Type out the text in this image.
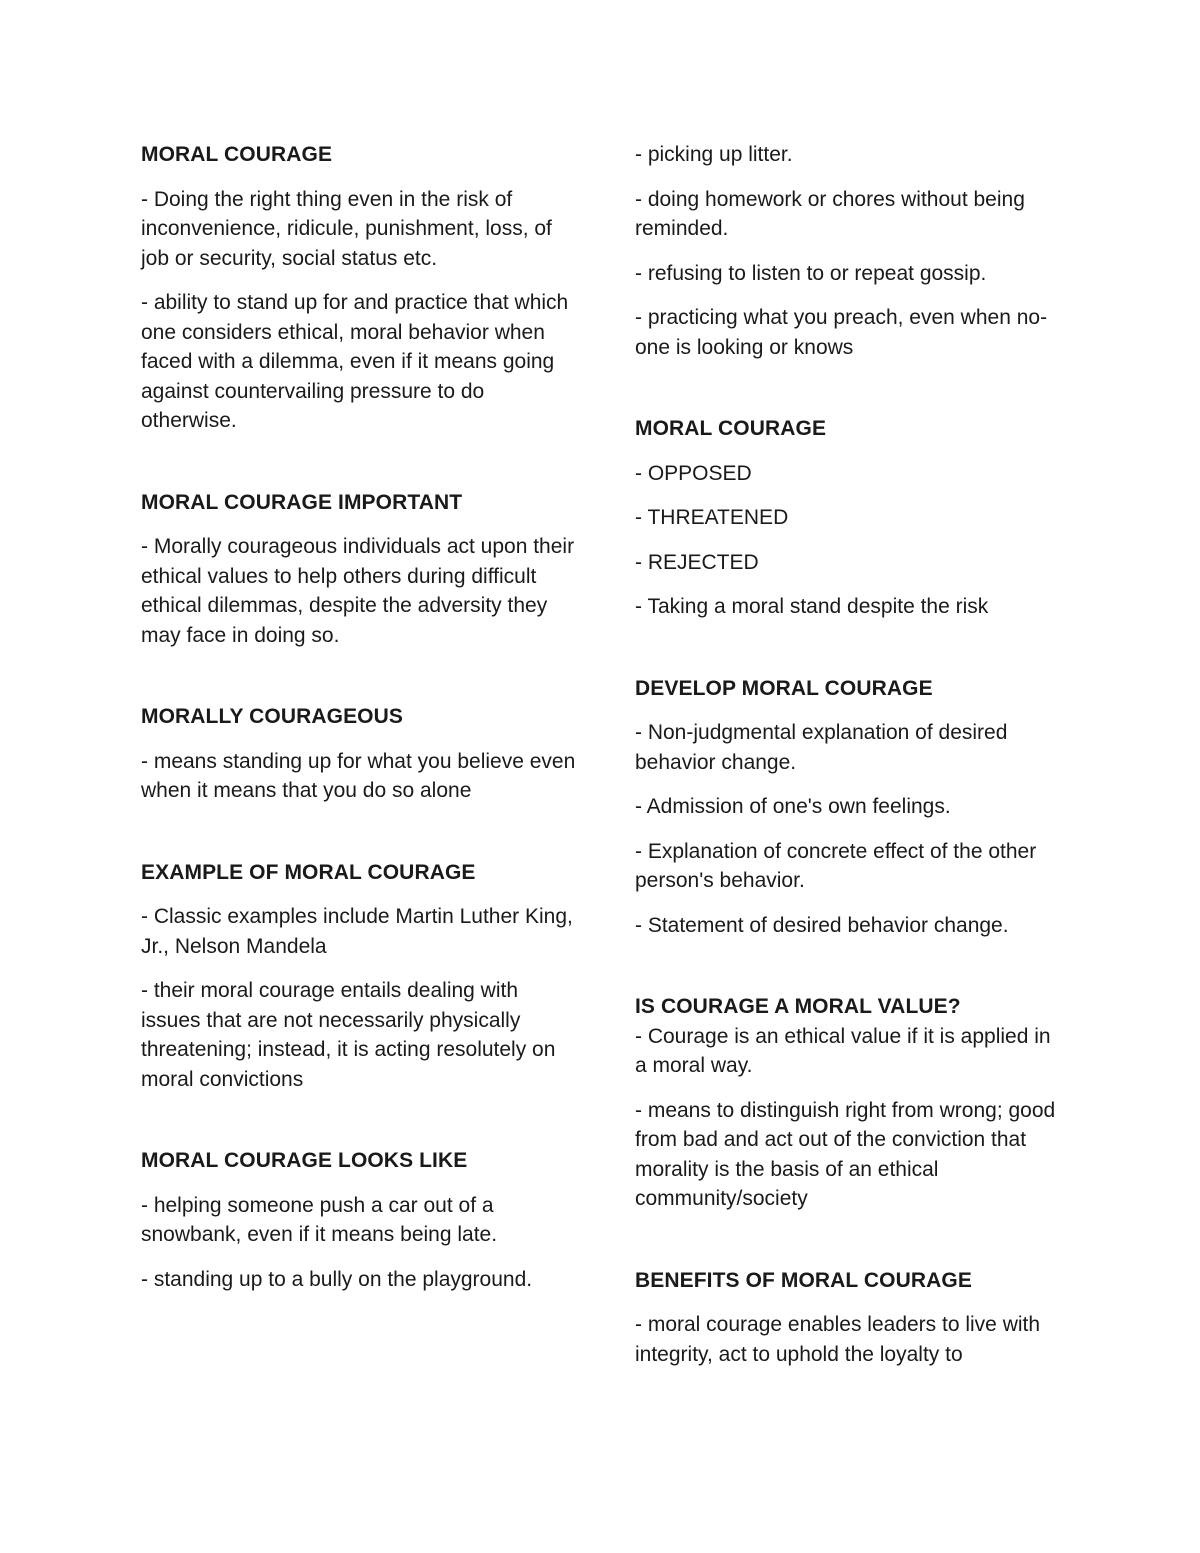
MORAL COURAGE

- Doing the right thing even in the risk of inconvenience, ridicule, punishment, loss, of job or security, social status etc.

- ability to stand up for and practice that which one considers ethical, moral behavior when faced with a dilemma, even if it means going against countervailing pressure to do otherwise.

MORAL COURAGE IMPORTANT

- Morally courageous individuals act upon their ethical values to help others during difficult ethical dilemmas, despite the adversity they may face in doing so.

MORALLY COURAGEOUS

- means standing up for what you believe even when it means that you do so alone

EXAMPLE OF MORAL COURAGE

- Classic examples include Martin Luther King, Jr., Nelson Mandela

- their moral courage entails dealing with issues that are not necessarily physically threatening; instead, it is acting resolutely on moral convictions

MORAL COURAGE LOOKS LIKE

- helping someone push a car out of a snowbank, even if it means being late.

- standing up to a bully on the playground.

- picking up litter.

- doing homework or chores without being reminded.

- refusing to listen to or repeat gossip.

- practicing what you preach, even when no-one is looking or knows

MORAL COURAGE

- OPPOSED

- THREATENED

- REJECTED

- Taking a moral stand despite the risk

DEVELOP MORAL COURAGE

- Non-judgmental explanation of desired behavior change.

- Admission of one's own feelings.

- Explanation of concrete effect of the other person's behavior.

- Statement of desired behavior change.

IS COURAGE A MORAL VALUE?

- Courage is an ethical value if it is applied in a moral way.

- means to distinguish right from wrong; good from bad and act out of the conviction that morality is the basis of an ethical community/society

BENEFITS OF MORAL COURAGE

- moral courage enables leaders to live with integrity, act to uphold the loyalty to
